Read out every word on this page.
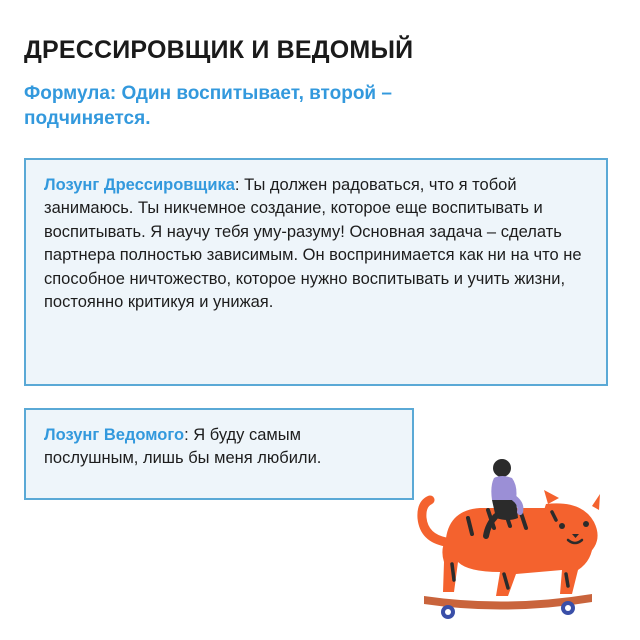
ДРЕССИРОВЩИК И ВЕДОМЫЙ
Формула: Один воспитывает, второй – подчиняется.
Лозунг Дрессировщика: Ты должен радоваться, что я тобой занимаюсь. Ты никчемное создание, которое еще воспитывать и воспитывать. Я научу тебя уму-разуму! Основная задача – сделать партнера полностью зависимым. Он воспринимается как ни на что не способное ничтожество, которое нужно воспитывать и учить жизни, постоянно критикуя и унижая.
Лозунг Ведомого: Я буду самым послушным, лишь бы меня любили.
